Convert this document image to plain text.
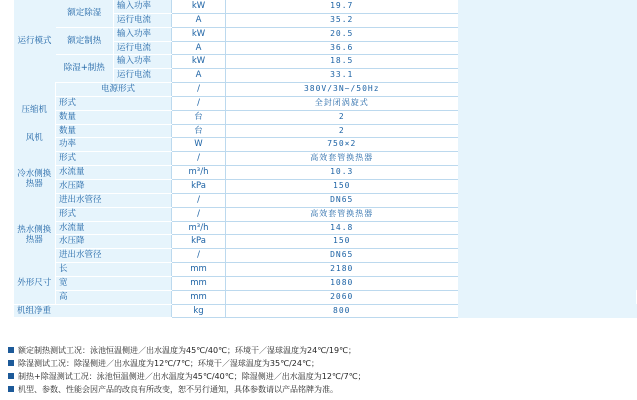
运行模式	额定除湿	输入功率	kW	19.7	
		运行电流	A	35.2	
	额定制热	输入功率	kW	20.5	
		运行电流	A	36.6	
	除湿+制热	输入功率	kW	18.5	
		运行电流	A	33.1	
	电源形式		/	380V/3N~/50Hz	
压缩机	形式		/	全封闭涡旋式	
	数量		台	2	
风机	数量		台	2	
	功率		W	750×2	
冷水侧换热器	形式		/	高效套管换热器	
	水流量		m³/h	10.3	
	水压降		kPa	150	
	进出水管径		/	DN65	
热水侧换热器	形式		/	高效套管换热器	
	水流量		m³/h	14.8	
	水压降		kPa	150	
	进出水管径		/	DN65	
外形尺寸	长		mm	2180	
	宽		mm	1080	
	高		mm	2060	
机组净重			kg	800	
额定制热测试工况：泳池恒温侧进／出水温度为45℃/40℃；环境干／湿球温度为24℃/19℃；
除湿测试工况：除湿侧进／出水温度为12℃/7℃；环境干／湿球温度为35℃/24℃；
制热+除湿测试工况：泳池恒温侧进／出水温度为45℃/40℃；除湿侧进／出水温度为12℃/7℃；
机型、参数、性能会因产品的改良有所改变，恕不另行通知，具体参数请以产品铭牌为准。
